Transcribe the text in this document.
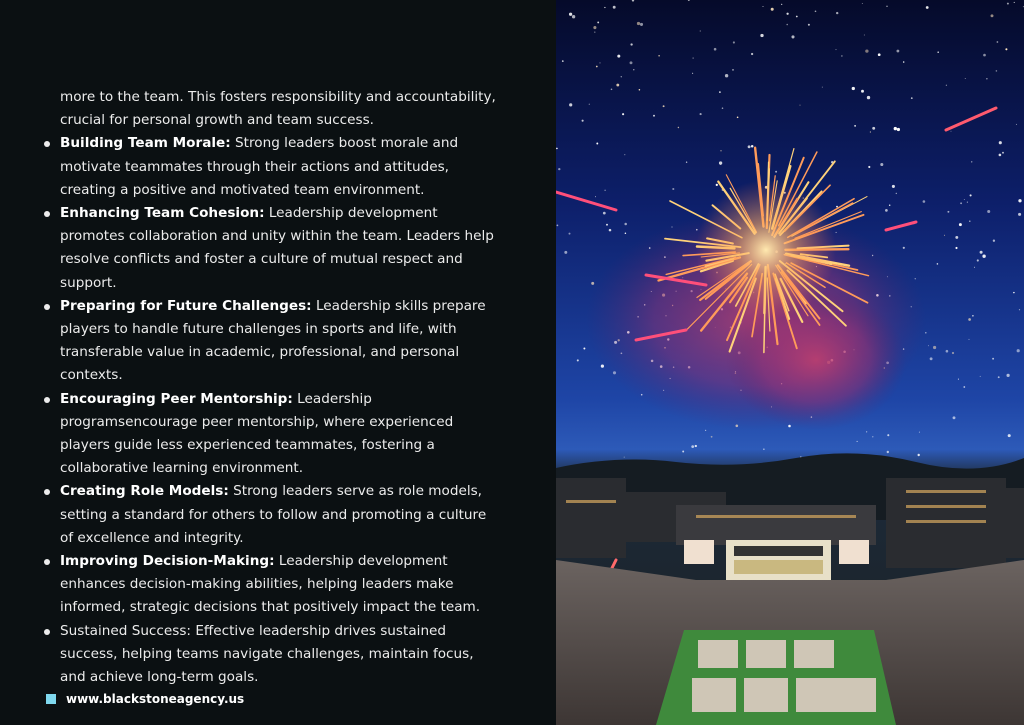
more to the team. This fosters responsibility and accountability,
crucial for personal growth and team success.

Building Team Morale: Strong leaders boost morale and motivate teammates through their actions and attitudes, creating a positive and motivated team environment.
Enhancing Team Cohesion: Leadership development promotes collaboration and unity within the team. Leaders help resolve conflicts and foster a culture of mutual respect and support.
Preparing for Future Challenges: Leadership skills prepare players to handle future challenges in sports and life, with transferable value in academic, professional, and personal contexts.
Encouraging Peer Mentorship: Leadership programsencourage peer mentorship, where experienced players guide less experienced teammates, fostering a collaborative learning environment.
Creating Role Models: Strong leaders serve as role models, setting a standard for others to follow and promoting a culture of excellence and integrity.
Improving Decision-Making: Leadership development enhances decision-making abilities, helping leaders make informed, strategic decisions that positively impact the team.
Sustained Success: Effective leadership drives sustained success, helping teams navigate challenges, maintain focus, and achieve long-term goals.
www.blackstoneagency.us
